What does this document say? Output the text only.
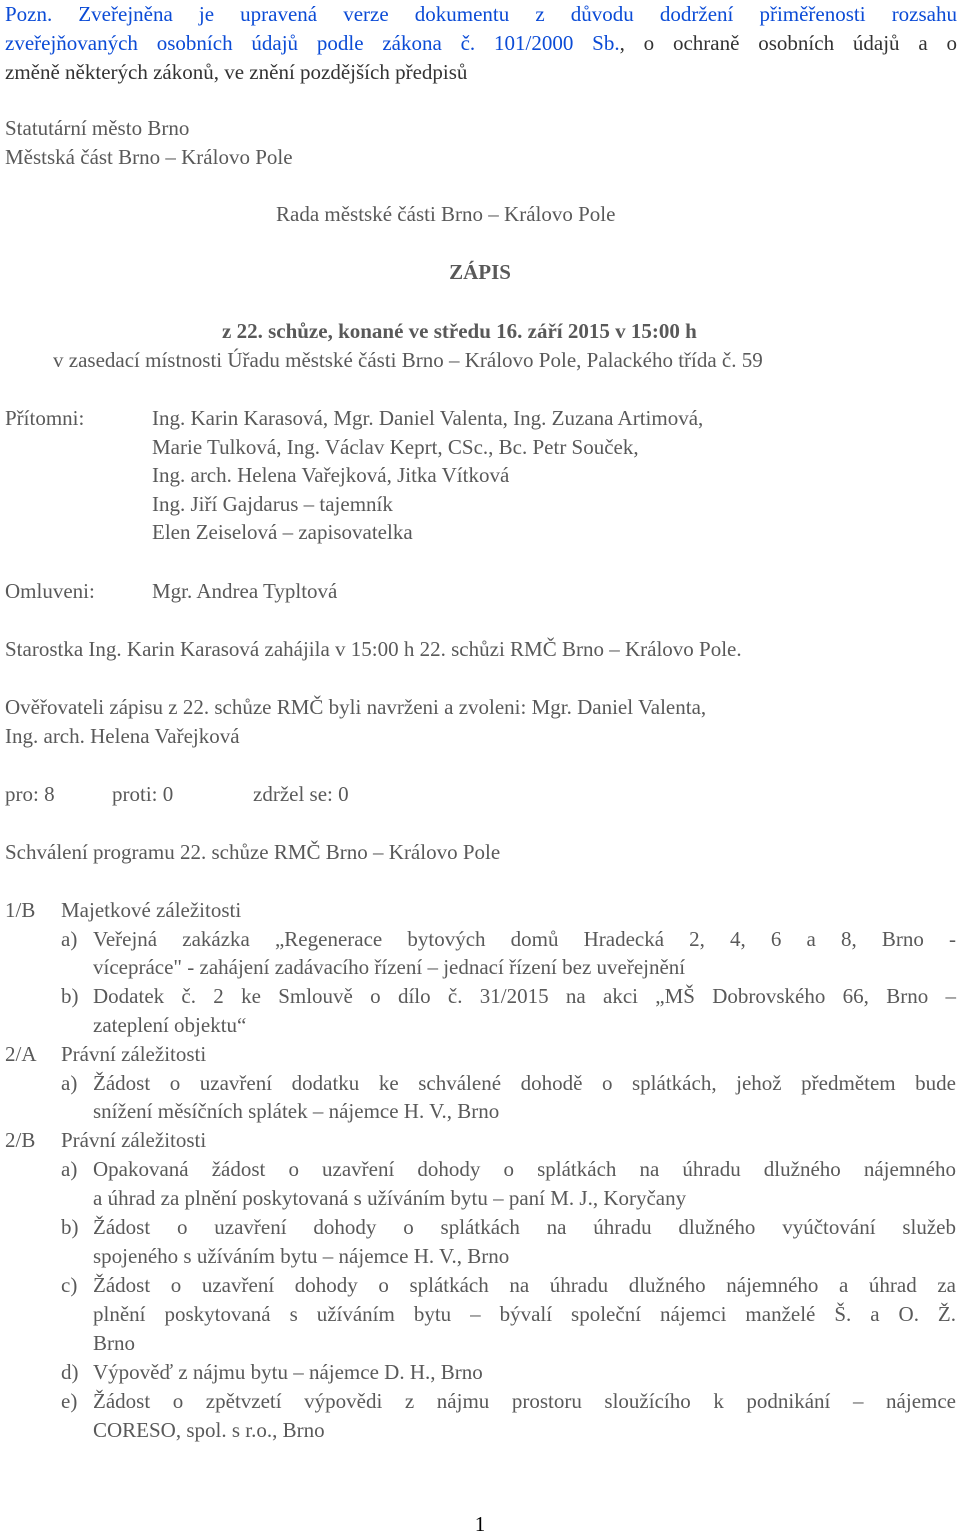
Pozn. Zveřejněna je upravená verze dokumentu z důvodu dodržení přiměřenosti rozsahu
zveřejňovaných osobních údajů podle zákona č. 101/2000 Sb., o ochraně osobních údajů a o
změně některých zákonů, ve znění pozdějších předpisů
Statutární město Brno
Městská část Brno – Královo Pole
Rada městské části Brno – Královo Pole
ZÁPIS
z 22. schůze, konané ve středu 16. září 2015 v 15:00 h
v zasedací místnosti Úřadu městské části Brno – Královo Pole, Palackého třída č. 59
Přítomni:	Ing. Karin Karasová, Mgr. Daniel Valenta, Ing. Zuzana Artimová,
Marie Tulková, Ing. Václav Keprt, CSc., Bc. Petr Souček,
Ing. arch. Helena Vařejková, Jitka Vítková
Ing. Jiří Gajdarus – tajemník
Elen Zeiselová – zapisovatelka
Omluveni:	Mgr. Andrea Typltová
Starostka Ing. Karin Karasová zahájila v 15:00 h 22. schůzi RMČ Brno – Královo Pole.
Ověřovateli zápisu z 22. schůze RMČ byli navrženi a zvoleni: Mgr. Daniel Valenta,
Ing. arch. Helena Vařejková
pro: 8	proti: 0	zdržel se: 0
Schválení programu 22. schůze RMČ Brno – Královo Pole
1/B Majetkové záležitosti
a) Veřejná zakázka „Regenerace bytových domů Hradecká 2, 4, 6 a 8, Brno -
vícepráce" - zahájení zadávacího řízení – jednací řízení bez uveřejnění
b) Dodatek č. 2 ke Smlouvě o dílo č. 31/2015 na akci „MŠ Dobrovského 66, Brno –
zateplení objektu“
2/A Právní záležitosti
a) Žádost o uzavření dodatku ke schválené dohodě o splátkách, jehož předmětem bude
snížení měsíčních splátek – nájemce H. V., Brno
2/B Právní záležitosti
a) Opakovaná žádost o uzavření dohody o splátkách na úhradu dlužného nájemného
a úhrad za plnění poskytovaná s užíváním bytu – paní M. J., Koryčany
b) Žádost o uzavření dohody o splátkách na úhradu dlužného vyúčtování služeb
spojeného s užíváním bytu – nájemce H. V., Brno
c) Žádost o uzavření dohody o splátkách na úhradu dlužného nájemného a úhrad za
plnění poskytovaná s užíváním bytu – bývalí společní nájemci manželé Š. a O. Ž.
Brno
d) Výpověď z nájmu bytu – nájemce D. H., Brno
e) Žádost o zpětvzetí výpovědi z nájmu prostoru sloužícího k podnikání – nájemce
CORESO, spol. s r.o., Brno
1
